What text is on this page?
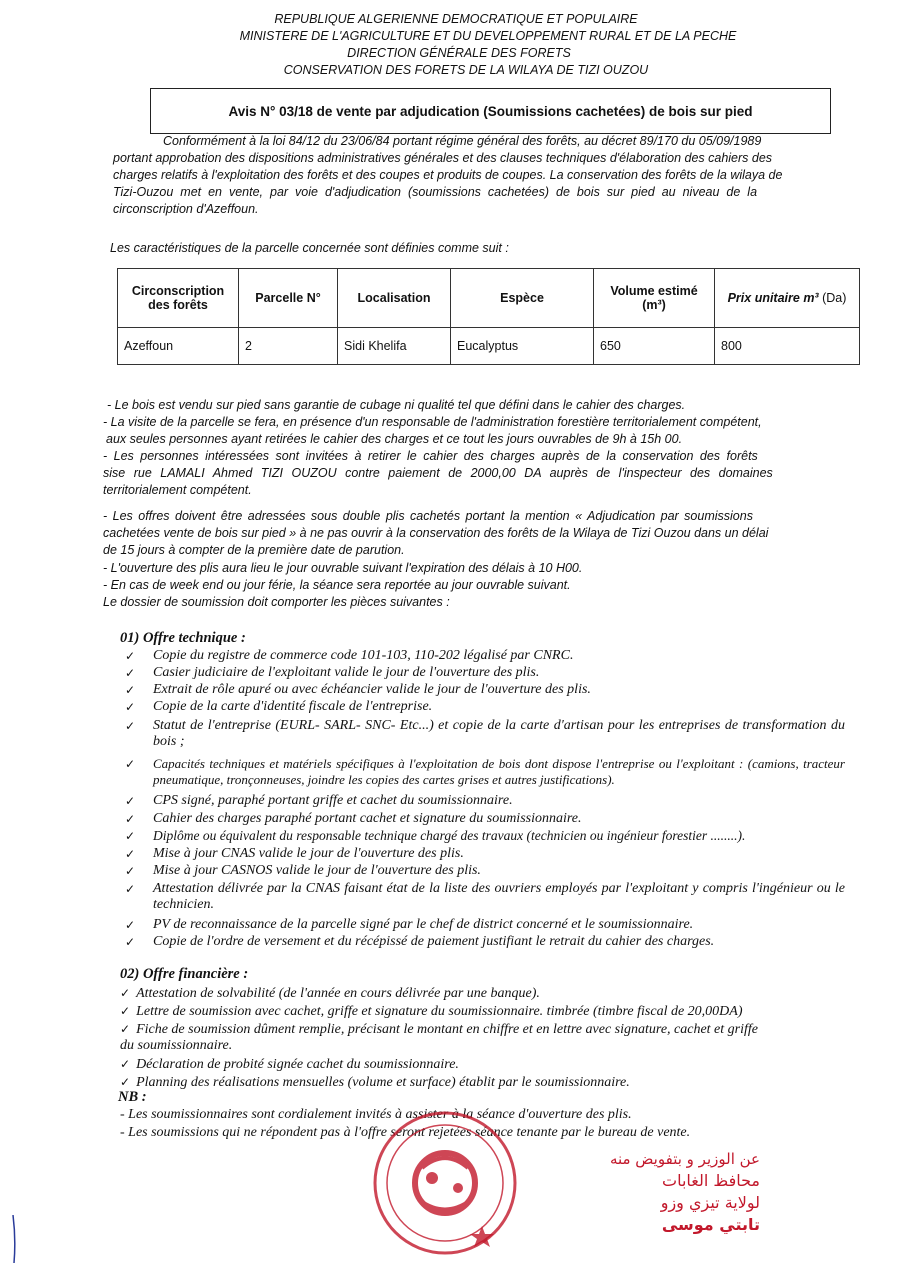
REPUBLIQUE ALGERIENNE DEMOCRATIQUE ET POPULAIRE
MINISTERE DE L'AGRICULTURE ET DU DEVELOPPEMENT RURAL ET DE LA PECHE
DIRECTION GÉNÉRALE DES FORETS
CONSERVATION DES FORETS DE LA WILAYA DE TIZI OUZOU
Avis N° 03/18 de vente par adjudication (Soumissions cachetées) de bois sur pied
Conformément à la loi 84/12 du 23/06/84 portant régime général des forêts, au décret 89/170 du 05/09/1989
portant approbation des dispositions administratives générales et des clauses techniques d'élaboration des cahiers des
charges relatifs à l'exploitation des forêts et des coupes et produits de coupes. La conservation des forêts de la wilaya de
Tizi-Ouzou met en vente, par voie d'adjudication (soumissions cachetées) de bois sur pied au niveau de la
circonscription d'Azeffoun.
Les caractéristiques de la parcelle concernée sont définies comme suit :
Circonscription des forêts	Parcelle N°	Localisation	Espèce	Volume estimé (m³)	Prix unitaire m³ (Da)
Azeffoun	2	Sidi Khelifa	Eucalyptus	650	800
- Le bois est vendu sur pied sans garantie de cubage ni qualité tel que défini dans le cahier des charges.
- La visite de la parcelle se fera, en présence d'un responsable de l'administration forestière territorialement compétent,
aux seules personnes ayant retirées le cahier des charges et ce tout les jours ouvrables de 9h à 15h 00.
- Les personnes intéressées sont invitées à retirer le cahier des charges auprès de la conservation des forêts
sise rue LAMALI Ahmed TIZI OUZOU contre paiement de 2000,00 DA auprès de l'inspecteur des domaines
territorialement compétent.
- Les offres doivent être adressées sous double plis cachetés portant la mention « Adjudication par soumissions
cachetées vente de bois sur pied » à ne pas ouvrir à la conservation des forêts de la Wilaya de Tizi Ouzou dans un délai
de 15 jours à compter de la première date de parution.
- L'ouverture des plis aura lieu le jour ouvrable suivant l'expiration des délais à 10 H00.
- En cas de week end ou jour férie, la séance sera reportée au jour ouvrable suivant.
Le dossier de soumission doit comporter les pièces suivantes :
01) Offre technique :
✓ Copie du registre de commerce code 101-103, 110-202 légalisé par CNRC.
✓ Casier judiciaire de l'exploitant valide le jour de l'ouverture des plis.
✓ Extrait de rôle apuré ou avec échéancier valide le jour de l'ouverture des plis.
✓ Copie de la carte d'identité fiscale de l'entreprise.
✓ Statut de l'entreprise (EURL- SARL- SNC- Etc...) et copie de la carte d'artisan pour les entreprises de transformation du bois ;
✓ Capacités techniques et matériels spécifiques à l'exploitation de bois dont dispose l'entreprise ou l'exploitant : (camions, tracteur pneumatique, tronçonneuses, joindre les copies des cartes grises et autres justifications).
✓ CPS signé, paraphé portant griffe et cachet du soumissionnaire.
✓ Cahier des charges paraphé portant cachet et signature du soumissionnaire.
✓ Diplôme ou équivalent du responsable technique chargé des travaux (technicien ou ingénieur forestier ........).
✓ Mise à jour CNAS valide le jour de l'ouverture des plis.
✓ Mise à jour CASNOS valide le jour de l'ouverture des plis.
✓ Attestation délivrée par la CNAS faisant état de la liste des ouvriers employés par l'exploitant y compris l'ingénieur ou le technicien.
✓ PV de reconnaissance de la parcelle signé par le chef de district concerné et le soumissionnaire.
✓ Copie de l'ordre de versement et du récépissé de paiement justifiant le retrait du cahier des charges.
02) Offre financière :
✓ Attestation de solvabilité (de l'année en cours délivrée par une banque).
✓ Lettre de soumission avec cachet, griffe et signature du soumissionnaire. timbrée (timbre fiscal de 20,00DA)
✓ Fiche de soumission dûment remplie, précisant le montant en chiffre et en lettre avec signature, cachet et griffe
du soumissionnaire.
✓ Déclaration de probité signée cachet du soumissionnaire.
✓ Planning des réalisations mensuelles (volume et surface) établit par le soumissionnaire.
NB :
- Les soumissionnaires sont cordialement invités à assister à la séance d'ouverture des plis.
- Les soumissions qui ne répondent pas à l'offre seront rejetées séance tenante par le bureau de vente.
عن الوزير و بتفويض منه
محافظ الغابات
لولاية تيزي وزو
تابتي موسى
